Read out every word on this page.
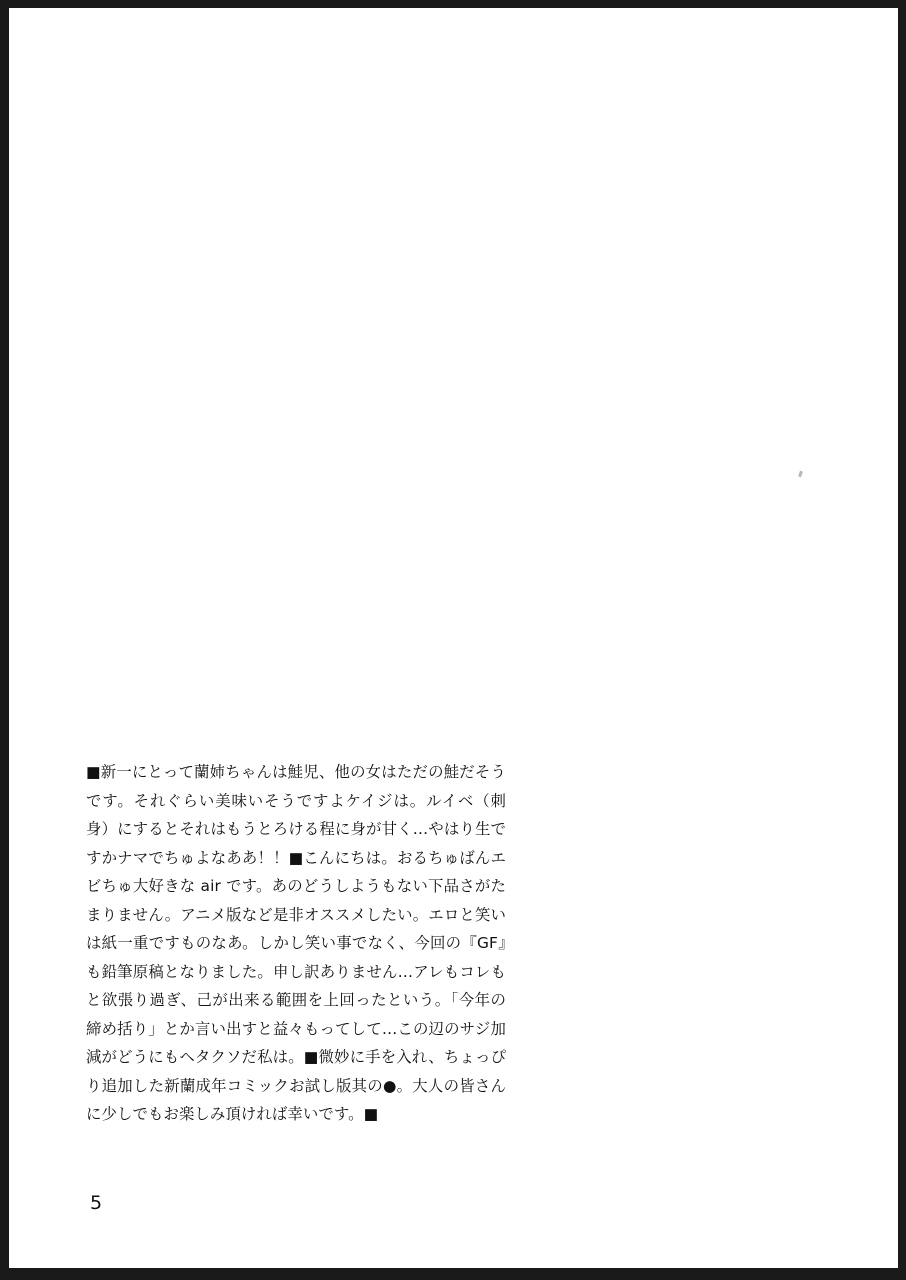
■新一にとって蘭姉ちゃんは鮭児、他の女はただの鮭だそうです。それぐらい美味いそうですよケイジは。ルイベ（刺身）にするとそれはもうとろける程に身が甘く…やはり生ですかナマでちゅよなああ！！■こんにちは。おるちゅばんエビちゅ大好きな air です。あのどうしようもない下品さがたまりません。アニメ版など是非オススメしたい。エロと笑いは紙一重ですものなあ。しかし笑い事でなく、今回の『GF』も鉛筆原稿となりました。申し訳ありません…アレもコレもと欲張り過ぎ、己が出来る範囲を上回ったという。「今年の締め括り」とか言い出すと益々もってして…この辺のサジ加減がどうにもヘタクソだ私は。■微妙に手を入れ、ちょっぴり追加した新蘭成年コミックお試し版其の●。大人の皆さんに少しでもお楽しみ頂ければ幸いです。■
5
